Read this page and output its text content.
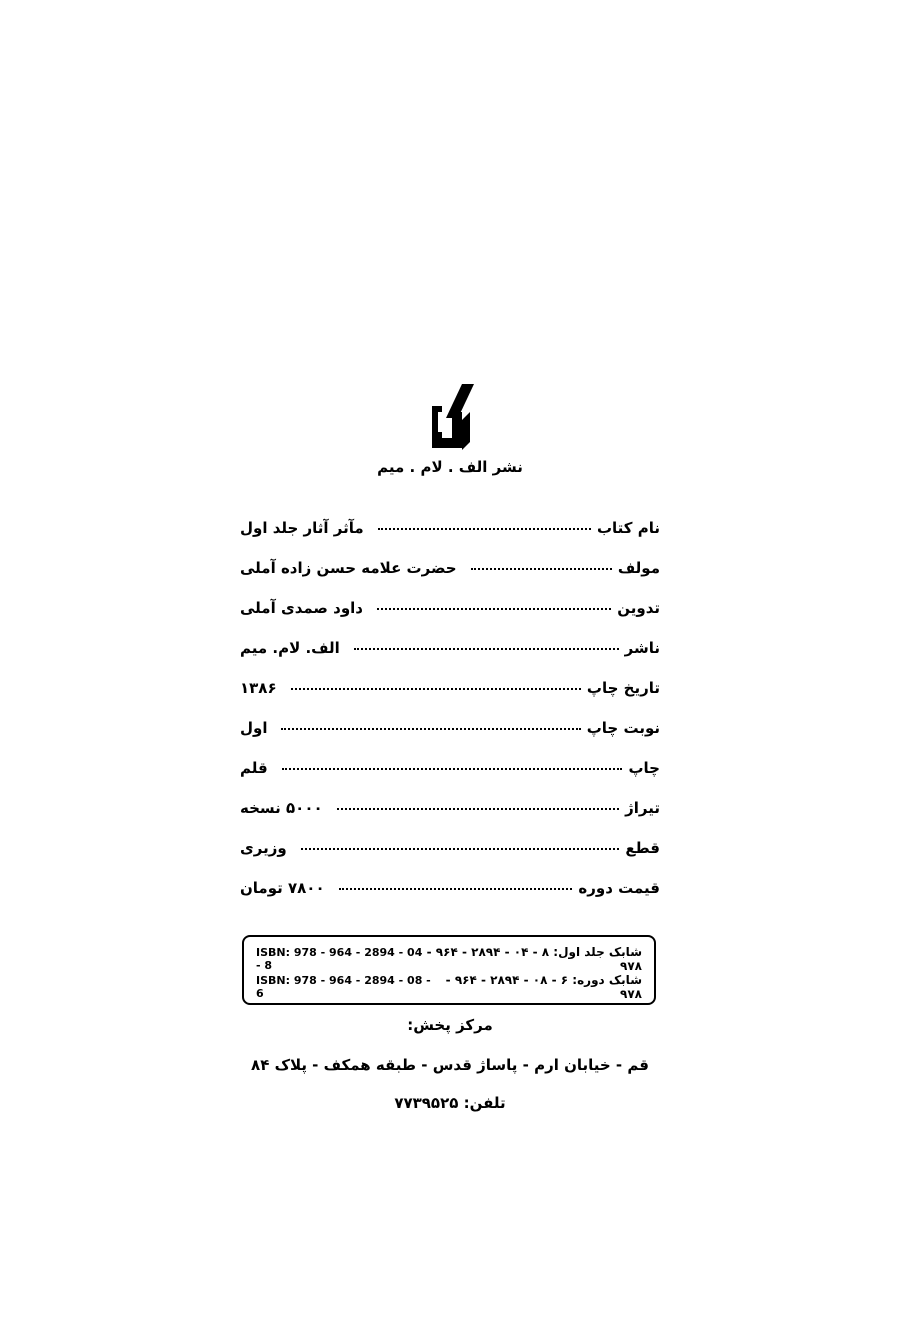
نشر الف . لام . میم
نام کتاب
مآثر آثار جلد اول
مولف
حضرت علامه حسن زاده آملی
تدوین
داود صمدی آملی
ناشر
الف. لام. میم
تاریخ چاپ
۱۳۸۶
نوبت چاپ
اول
چاپ
قلم
تیراژ
۵۰۰۰ نسخه
قطع
وزیری
قیمت دوره
۷۸۰۰ تومان
شابک جلد اول: ۸ - ۰۴ - ۲۸۹۴ - ۹۶۴ - ۹۷۸
ISBN: 978 - 964 - 2894 - 04 - 8
شابک دوره: ۶ - ۰۸ - ۲۸۹۴ - ۹۶۴ - ۹۷۸
ISBN: 978 - 964 - 2894 - 08 - 6
مرکز پخش:
قم - خیابان ارم - پاساژ قدس - طبقه همکف - پلاک ۸۴
تلفن: ۷۷۳۹۵۲۵
